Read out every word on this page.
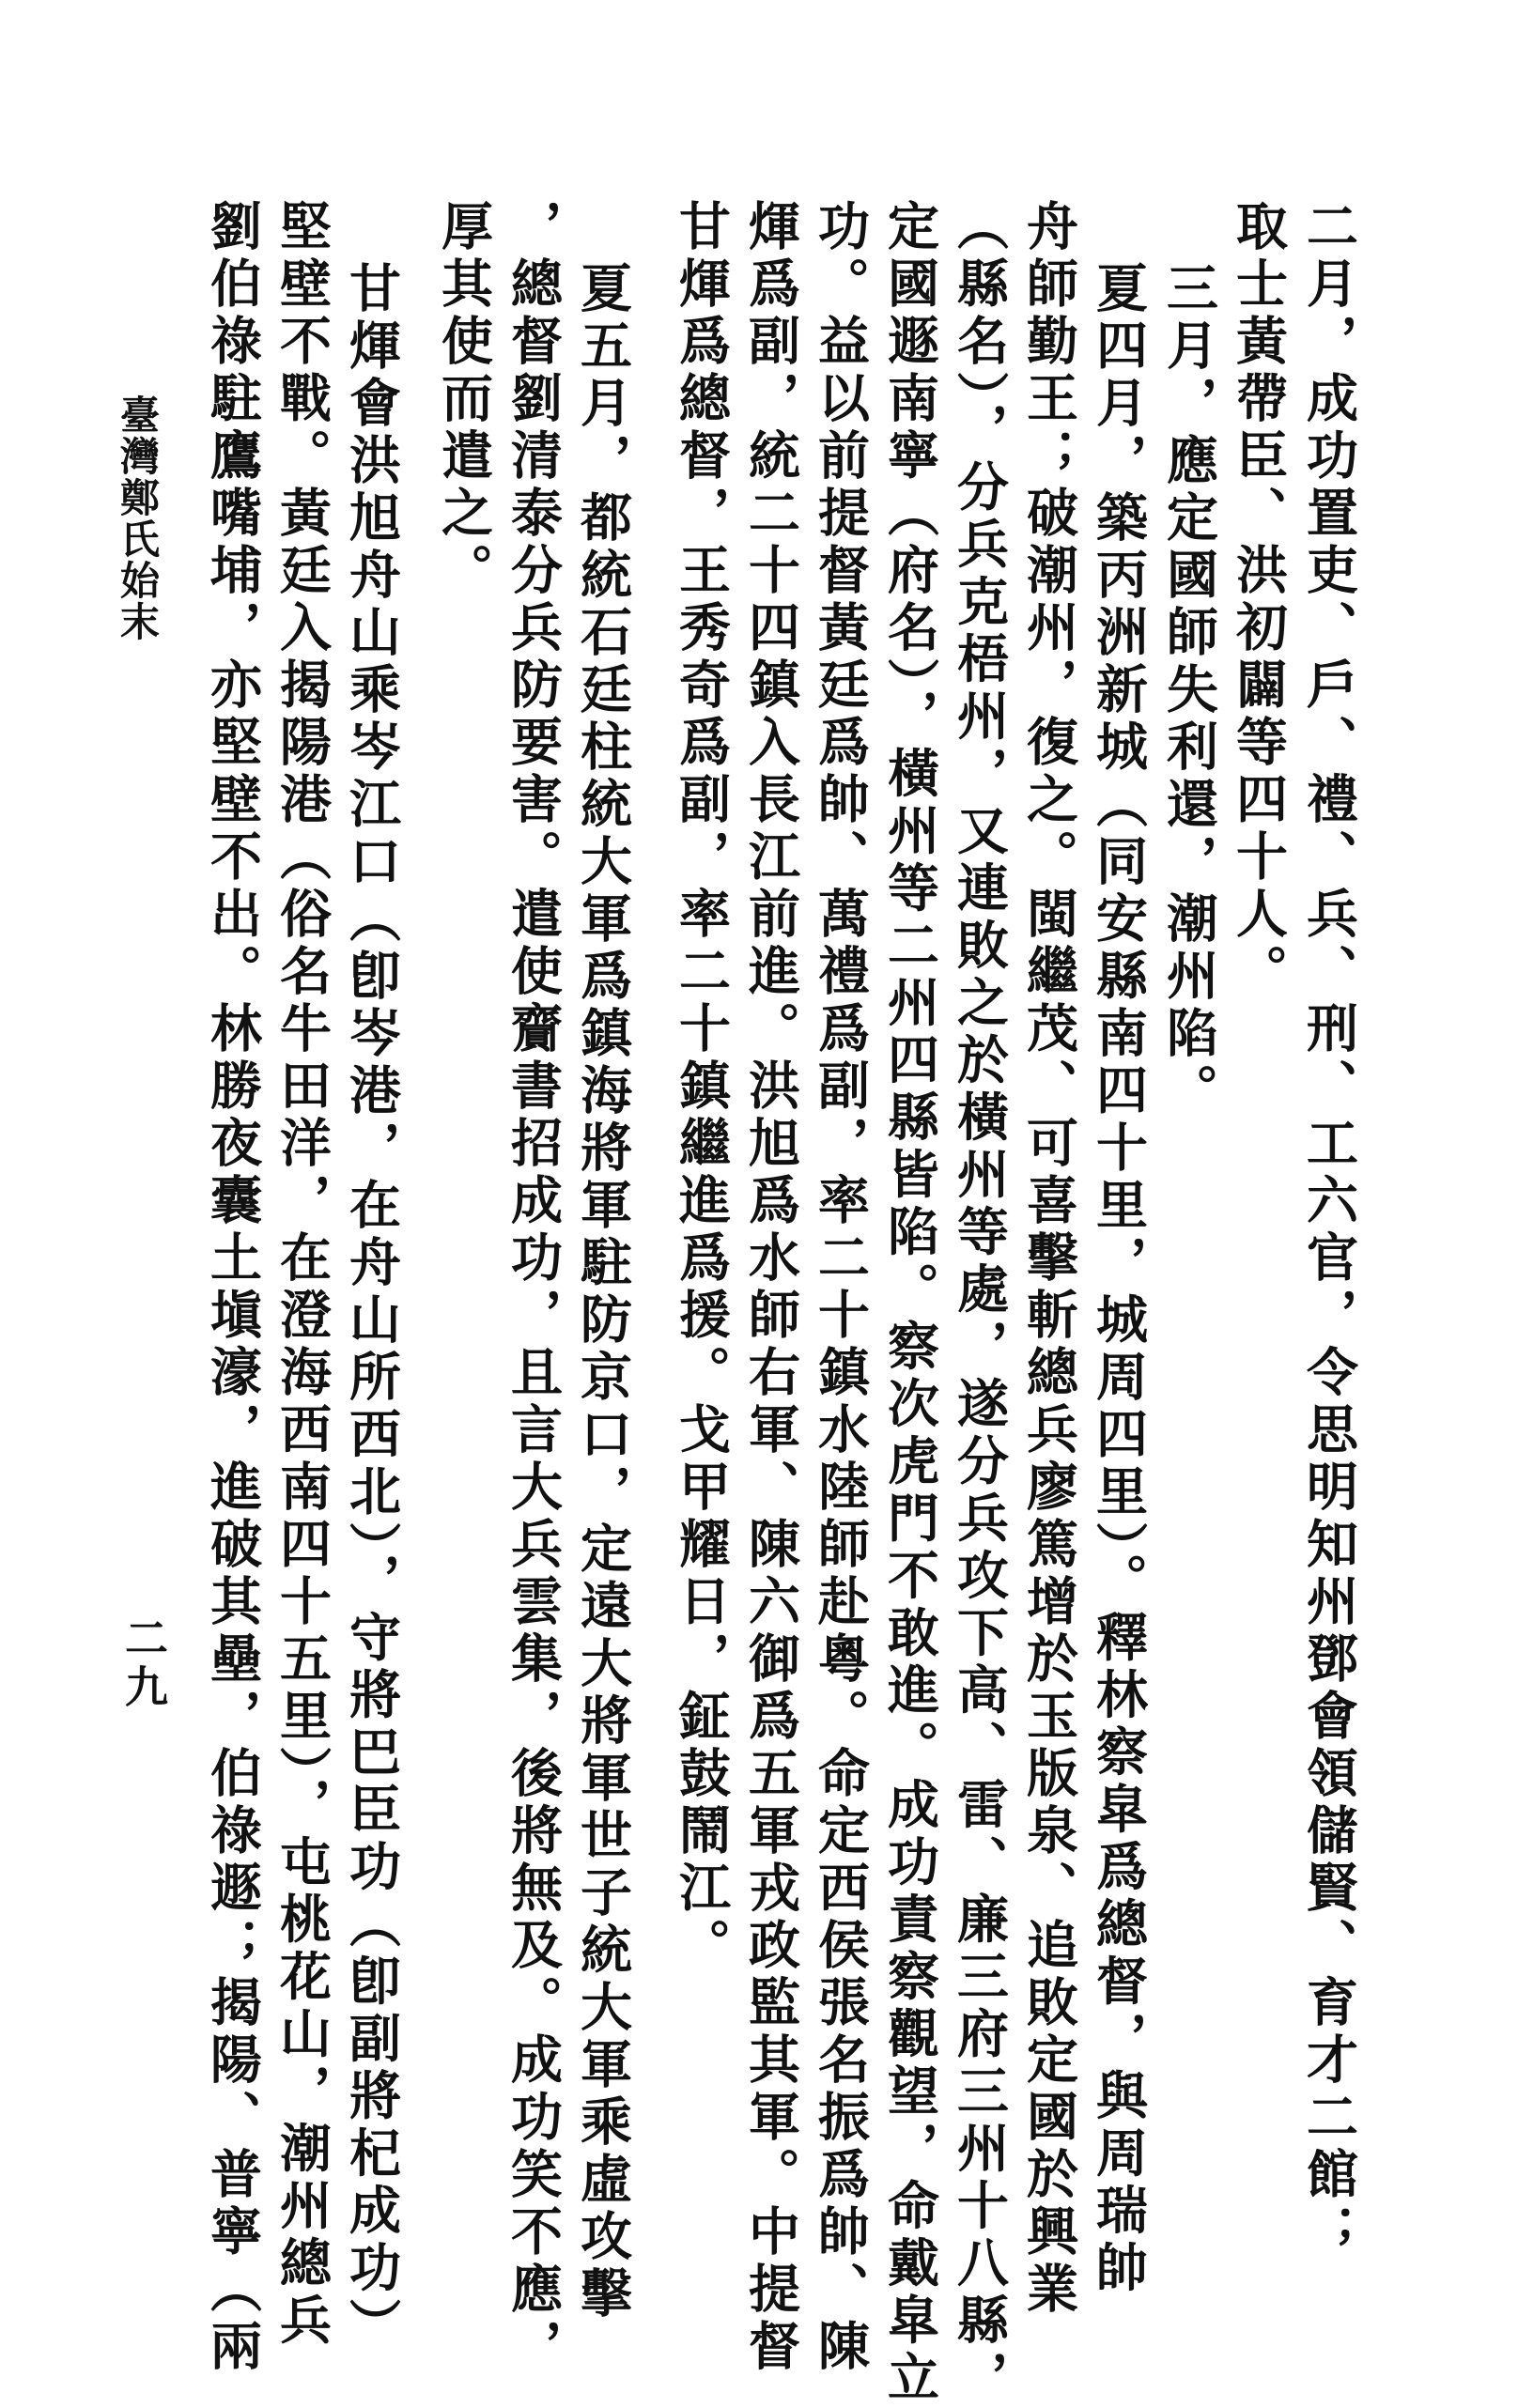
二月，成功置吏、戶、禮、兵、刑、工六官，令思明知州鄧會領儲賢、育才二館；
取士黃帶臣、洪初闢等四十人。
三月，應定國師失利還，潮州陷。
夏四月，築丙洲新城（同安縣南四十里，城周四里）。釋林察皐爲總督，與周瑞帥
舟師勤王；破潮州，復之。閩繼茂、可喜擊斬總兵廖篤增於玉版泉、追敗定國於興業
（縣名），分兵克梧州，又連敗之於橫州等處，遂分兵攻下高、雷、廉三府三州十八縣，
定國遯南寧（府名），橫州等二州四縣皆陷。察次虎門不敢進。成功責察觀望，命戴皐立
功。益以前提督黃廷爲帥、萬禮爲副，率二十鎮水陸師赴粵。命定西侯張名振爲帥、陳
煇爲副，統二十四鎮入長江前進。洪旭爲水師右軍、陳六御爲五軍戎政監其軍。中提督
甘煇爲總督，王秀奇爲副，率二十鎮繼進爲援。戈甲耀日，鉦鼓鬧江。
夏五月，都統石廷柱統大軍爲鎮海將軍駐防京口，定遠大將軍世子統大軍乘虛攻擊
，總督劉清泰分兵防要害。遣使齎書招成功，且言大兵雲集，後將無及。成功笑不應，
厚其使而遣之。
甘煇會洪旭舟山乘岑江口（卽岑港，在舟山所西北），守將巴臣功（卽副將杞成功）
堅壁不戰。黃廷入揭陽港（俗名牛田洋，在澄海西南四十五里），屯桃花山，潮州總兵
劉伯祿駐鷹嘴埔，亦堅壁不出。林勝夜囊土塡濠，進破其壘，伯祿遯；揭陽、普寧（兩
臺灣鄭氏始末
二九
